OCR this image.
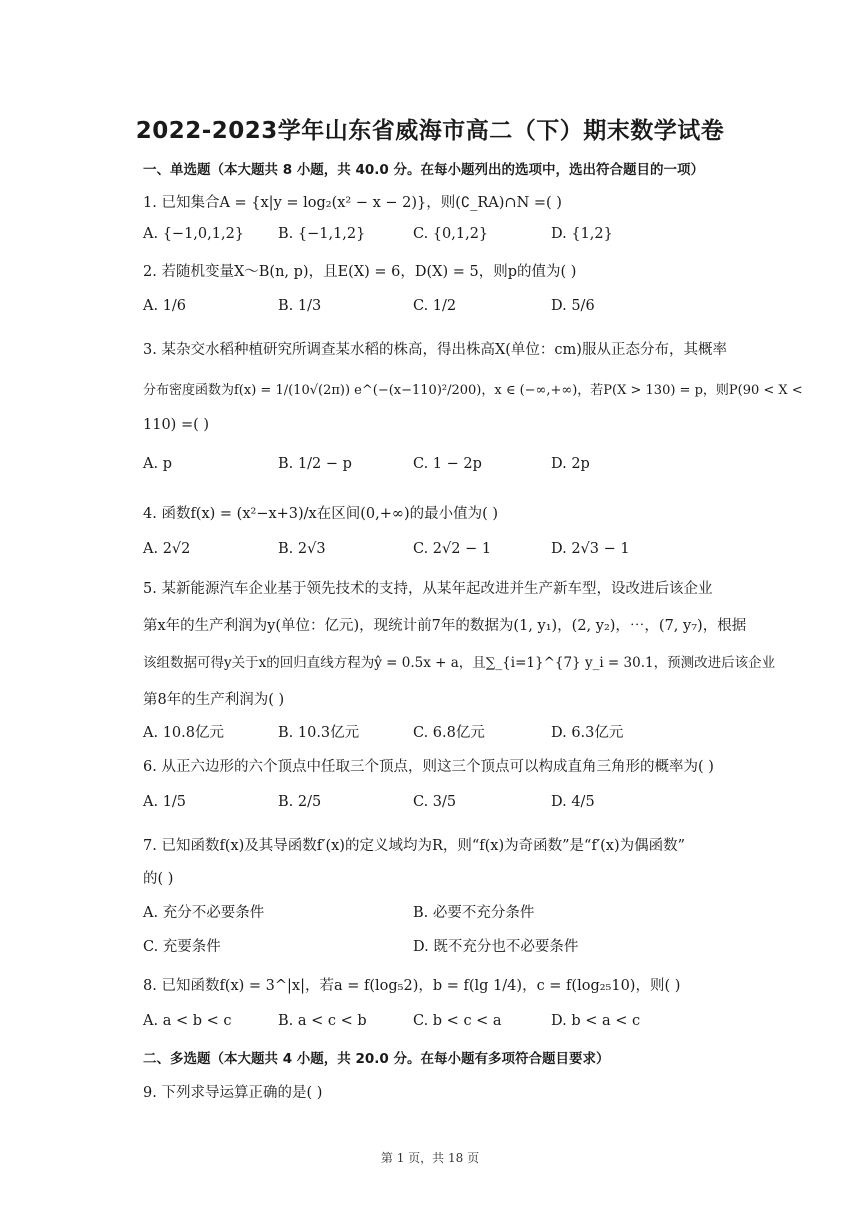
2022-2023学年山东省威海市高二（下）期末数学试卷
一、单选题（本大题共 8 小题，共 40.0 分。在每小题列出的选项中，选出符合题目的一项）
1. 已知集合A = {x|y = log₂(x² − x − 2)}，则(∁_RA)∩N =( )
A. {−1,0,1,2} B. {−1,1,2}	C. {0,1,2}	D. {1,2}
2. 若随机变量X～B(n, p)，且E(X) = 6，D(X) = 5，则p的值为( )
A. 1/6	B. 1/3	C. 1/2	D. 5/6
3. 某杂交水稻种植研究所调查某水稻的株高，得出株高X(单位：cm)服从正态分布，其概率
分布密度函数为f(x) = 1/(10√(2π)) e^(−(x−110)²/200)，x ∈ (−∞,+∞)，若P(X > 130) = p，则P(90 < X <
110) =( )
A. p	B. 1/2 − p	C. 1 − 2p	D. 2p
4. 函数f(x) = (x²−x+3)/x在区间(0,+∞)的最小值为( )
A. 2√2	B. 2√3	C. 2√2 − 1	D. 2√3 − 1
5. 某新能源汽车企业基于领先技术的支持，从某年起改进并生产新车型，设改进后该企业
第x年的生产利润为y(单位：亿元)，现统计前7年的数据为(1, y₁)，(2, y₂)，⋯，(7, y₇)，根据
该组数据可得y关于x的回归直线方程为ŷ = 0.5x + a，且∑_{i=1}^{7} y_i = 30.1，预测改进后该企业
第8年的生产利润为( )
A. 10.8亿元	B. 10.3亿元	C. 6.8亿元	D. 6.3亿元
6. 从正六边形的六个顶点中任取三个顶点，则这三个顶点可以构成直角三角形的概率为( )
A. 1/5	B. 2/5	C. 3/5	D. 4/5
7. 已知函数f(x)及其导函数f′(x)的定义域均为R，则“f(x)为奇函数”是“f′(x)为偶函数”
的( )
A. 充分不必要条件	B. 必要不充分条件
C. 充要条件	D. 既不充分也不必要条件
8. 已知函数f(x) = 3^|x|，若a = f(log₅2)，b = f(lg 1/4)，c = f(log₂₅10)，则( )
A. a < b < c	B. a < c < b	C. b < c < a	D. b < a < c
二、多选题（本大题共 4 小题，共 20.0 分。在每小题有多项符合题目要求）
9. 下列求导运算正确的是( )
第 1 页，共 18 页
